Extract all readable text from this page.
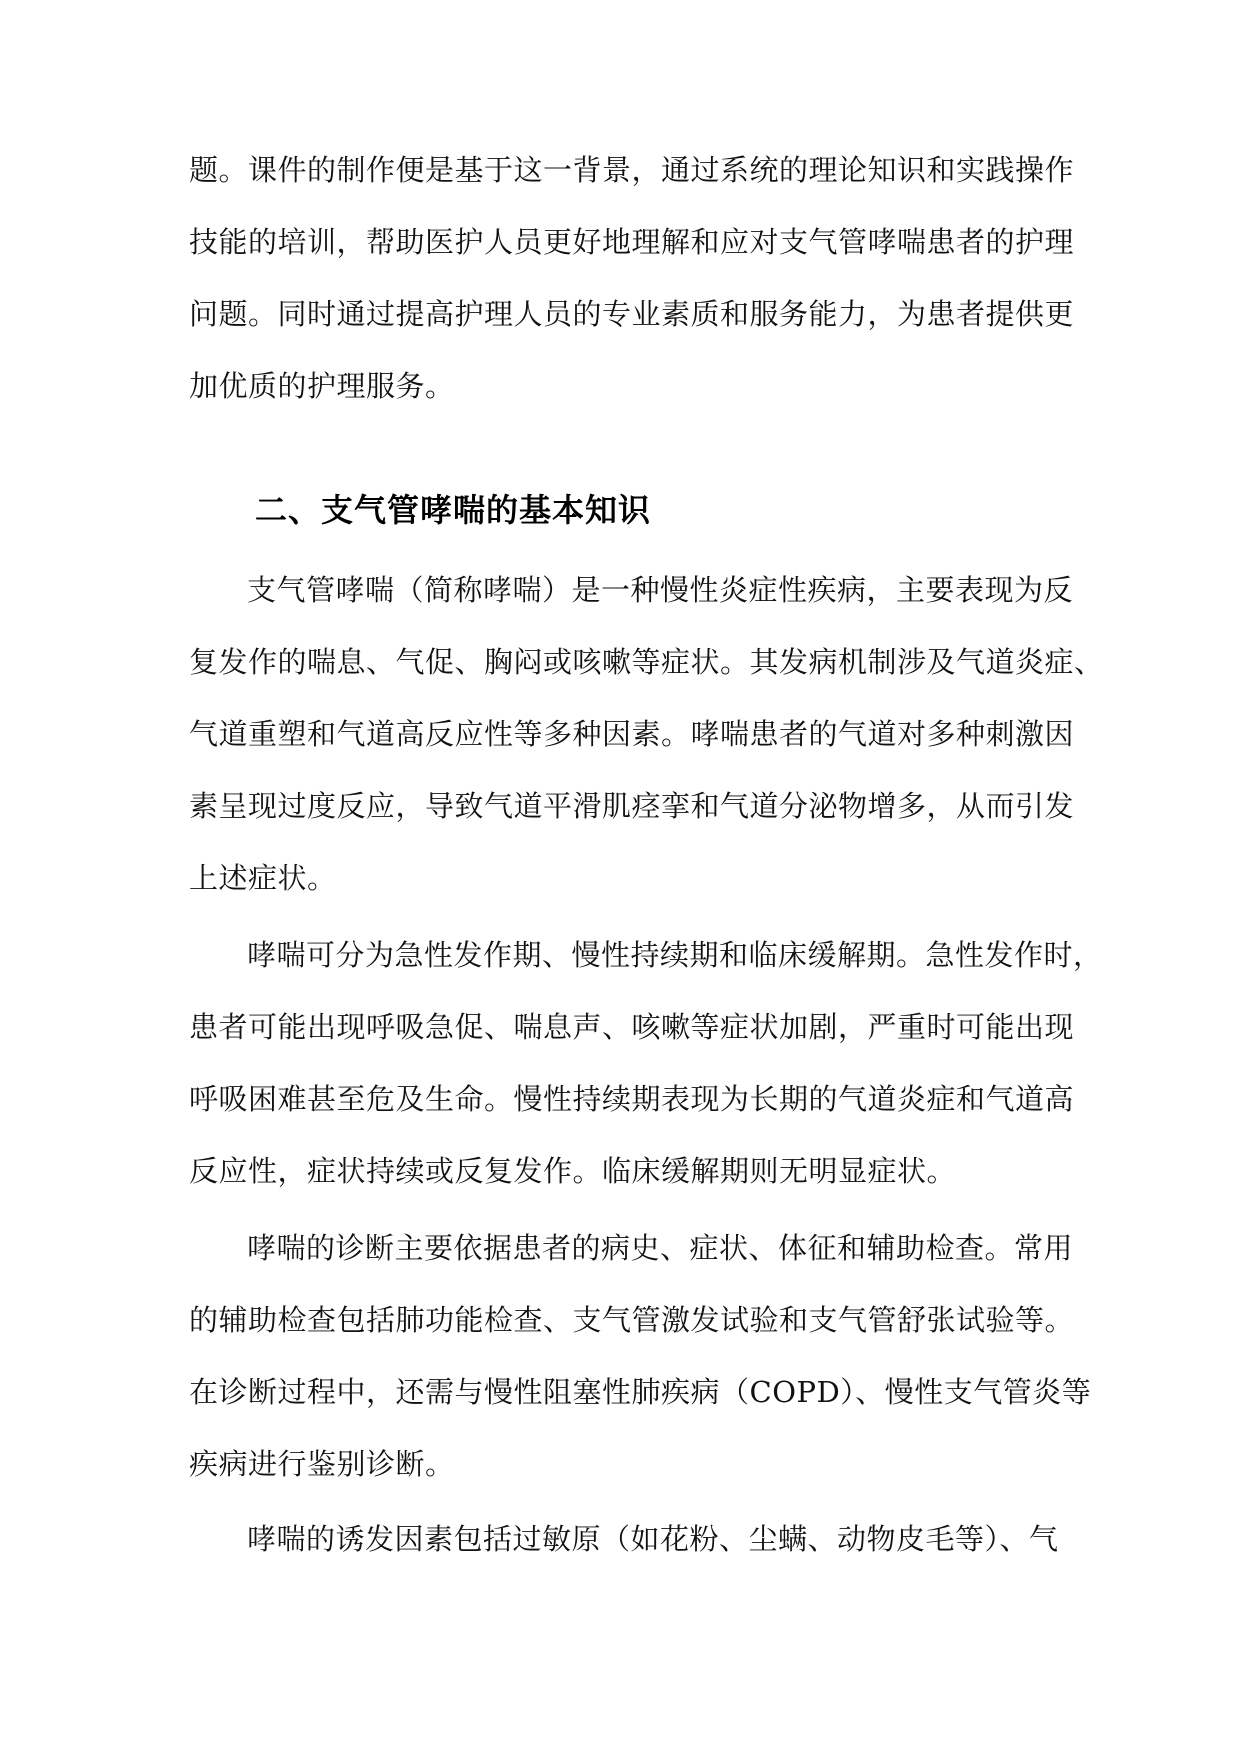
题。课件的制作便是基于这一背景，通过系统的理论知识和实践操作
技能的培训，帮助医护人员更好地理解和应对支气管哮喘患者的护理
问题。同时通过提高护理人员的专业素质和服务能力，为患者提供更
加优质的护理服务。
二、支气管哮喘的基本知识
支气管哮喘（简称哮喘）是一种慢性炎症性疾病，主要表现为反
复发作的喘息、气促、胸闷或咳嗽等症状。其发病机制涉及气道炎症、
气道重塑和气道高反应性等多种因素。哮喘患者的气道对多种刺激因
素呈现过度反应，导致气道平滑肌痉挛和气道分泌物增多，从而引发
上述症状。
哮喘可分为急性发作期、慢性持续期和临床缓解期。急性发作时，
患者可能出现呼吸急促、喘息声、咳嗽等症状加剧，严重时可能出现
呼吸困难甚至危及生命。慢性持续期表现为长期的气道炎症和气道高
反应性，症状持续或反复发作。临床缓解期则无明显症状。
哮喘的诊断主要依据患者的病史、症状、体征和辅助检查。常用
的辅助检查包括肺功能检查、支气管激发试验和支气管舒张试验等。
在诊断过程中，还需与慢性阻塞性肺疾病（COPD）、慢性支气管炎等
疾病进行鉴别诊断。
哮喘的诱发因素包括过敏原（如花粉、尘螨、动物皮毛等）、气
